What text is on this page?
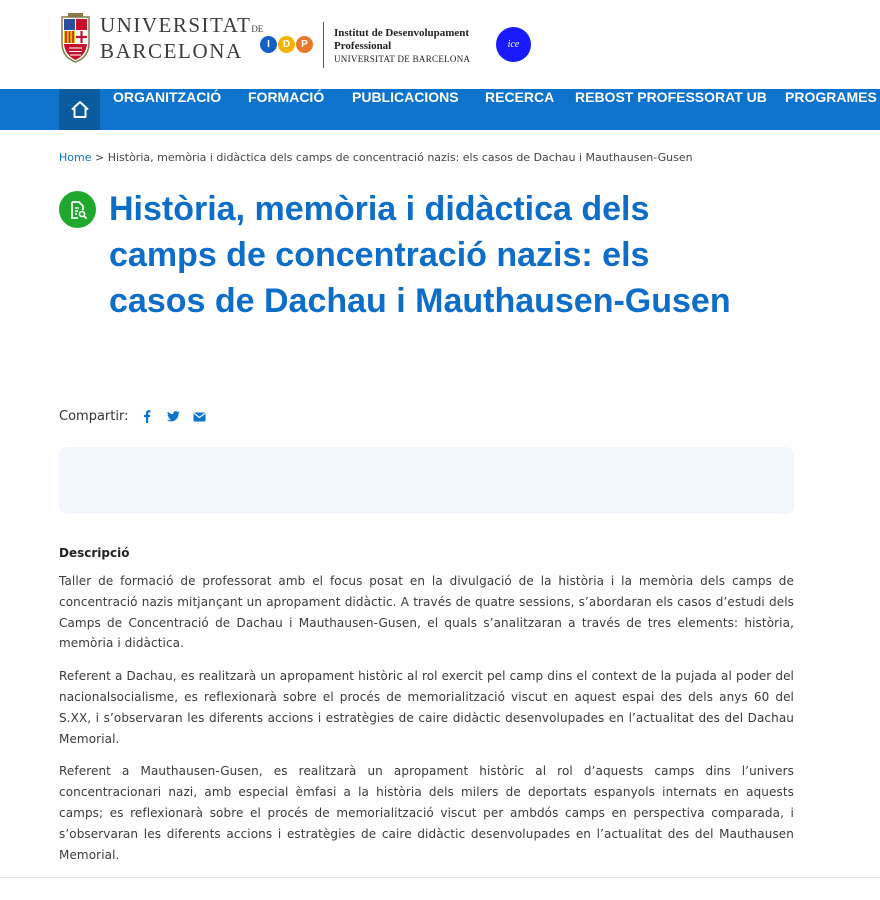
UNIVERSITATDE
BARCELONA	I	D	P
Institut de Desenvolupament
Professional
UNIVERSITAT DE BARCELONA
ice
ORGANITZACIÓ FORMACIÓ PUBLICACIONS RECERCA REBOST PROFESSORAT UB PROGRAMES
Home > Història, memòria i didàctica dels camps de concentració nazis: els casos de Dachau i Mauthausen-Gusen
Història, memòria i didàctica dels camps de concentració nazis: els casos de Dachau i Mauthausen-Gusen
Compartir:
Descripció

Taller de formació de professorat amb el focus posat en la divulgació de la història i la memòria dels camps de concentració nazis mitjançant un apropament didàctic. A través de quatre sessions, s’abordaran els casos d’estudi dels Camps de Concentració de Dachau i Mauthausen-Gusen, el quals s’analitzaran a través de tres elements: història, memòria i didàctica.

Referent a Dachau, es realitzarà un apropament històric al rol exercit pel camp dins el context de la pujada al poder del nacionalsocialisme, es reflexionarà sobre el procés de memorialització viscut en aquest espai des dels anys 60 del S.XX, i s’observaran les diferents accions i estratègies de caire didàctic desenvolupades en l’actualitat des del Dachau Memorial.

Referent a Mauthausen-Gusen, es realitzarà un apropament històric al rol d’aquests camps dins l’univers concentracionari nazi, amb especial èmfasi a la història dels milers de deportats espanyols internats en aquests camps; es reflexionarà sobre el procés de memorialització viscut per ambdós camps en perspectiva comparada, i s’observaran les diferents accions i estratègies de caire didàctic desenvolupades en l’actualitat des del Mauthausen Memorial.
